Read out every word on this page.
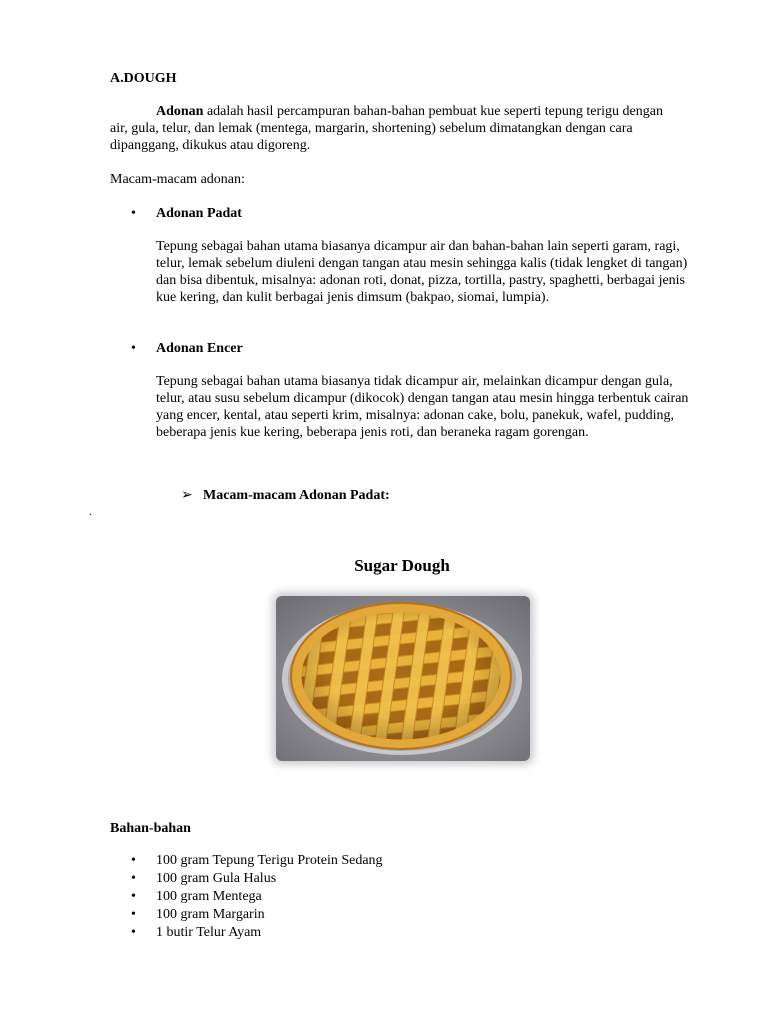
A.DOUGH

Adonan adalah hasil percampuran bahan-bahan pembuat kue seperti tepung terigu dengan air, gula, telur, dan lemak (mentega, margarin, shortening) sebelum dimatangkan dengan cara dipanggang, dikukus atau digoreng.

Macam-macam adonan:

• Adonan Padat

Tepung sebagai bahan utama biasanya dicampur air dan bahan-bahan lain seperti garam, ragi, telur, lemak sebelum diuleni dengan tangan atau mesin sehingga kalis (tidak lengket di tangan) dan bisa dibentuk, misalnya: adonan roti, donat, pizza, tortilla, pastry, spaghetti, berbagai jenis kue kering, dan kulit berbagai jenis dimsum (bakpao, siomai, lumpia).

• Adonan Encer

Tepung sebagai bahan utama biasanya tidak dicampur air, melainkan dicampur dengan gula, telur, atau susu sebelum dicampur (dikocok) dengan tangan atau mesin hingga terbentuk cairan yang encer, kental, atau seperti krim, misalnya: adonan cake, bolu, panekuk, wafel, pudding, beberapa jenis kue kering, beberapa jenis roti, dan beraneka ragam gorengan.

➢ Macam-macam Adonan Padat:

.

Sugar Dough

Bahan-bahan

• 100 gram Tepung Terigu Protein Sedang
• 100 gram Gula Halus
• 100 gram Mentega
• 100 gram Margarin
• 1 butir Telur Ayam
